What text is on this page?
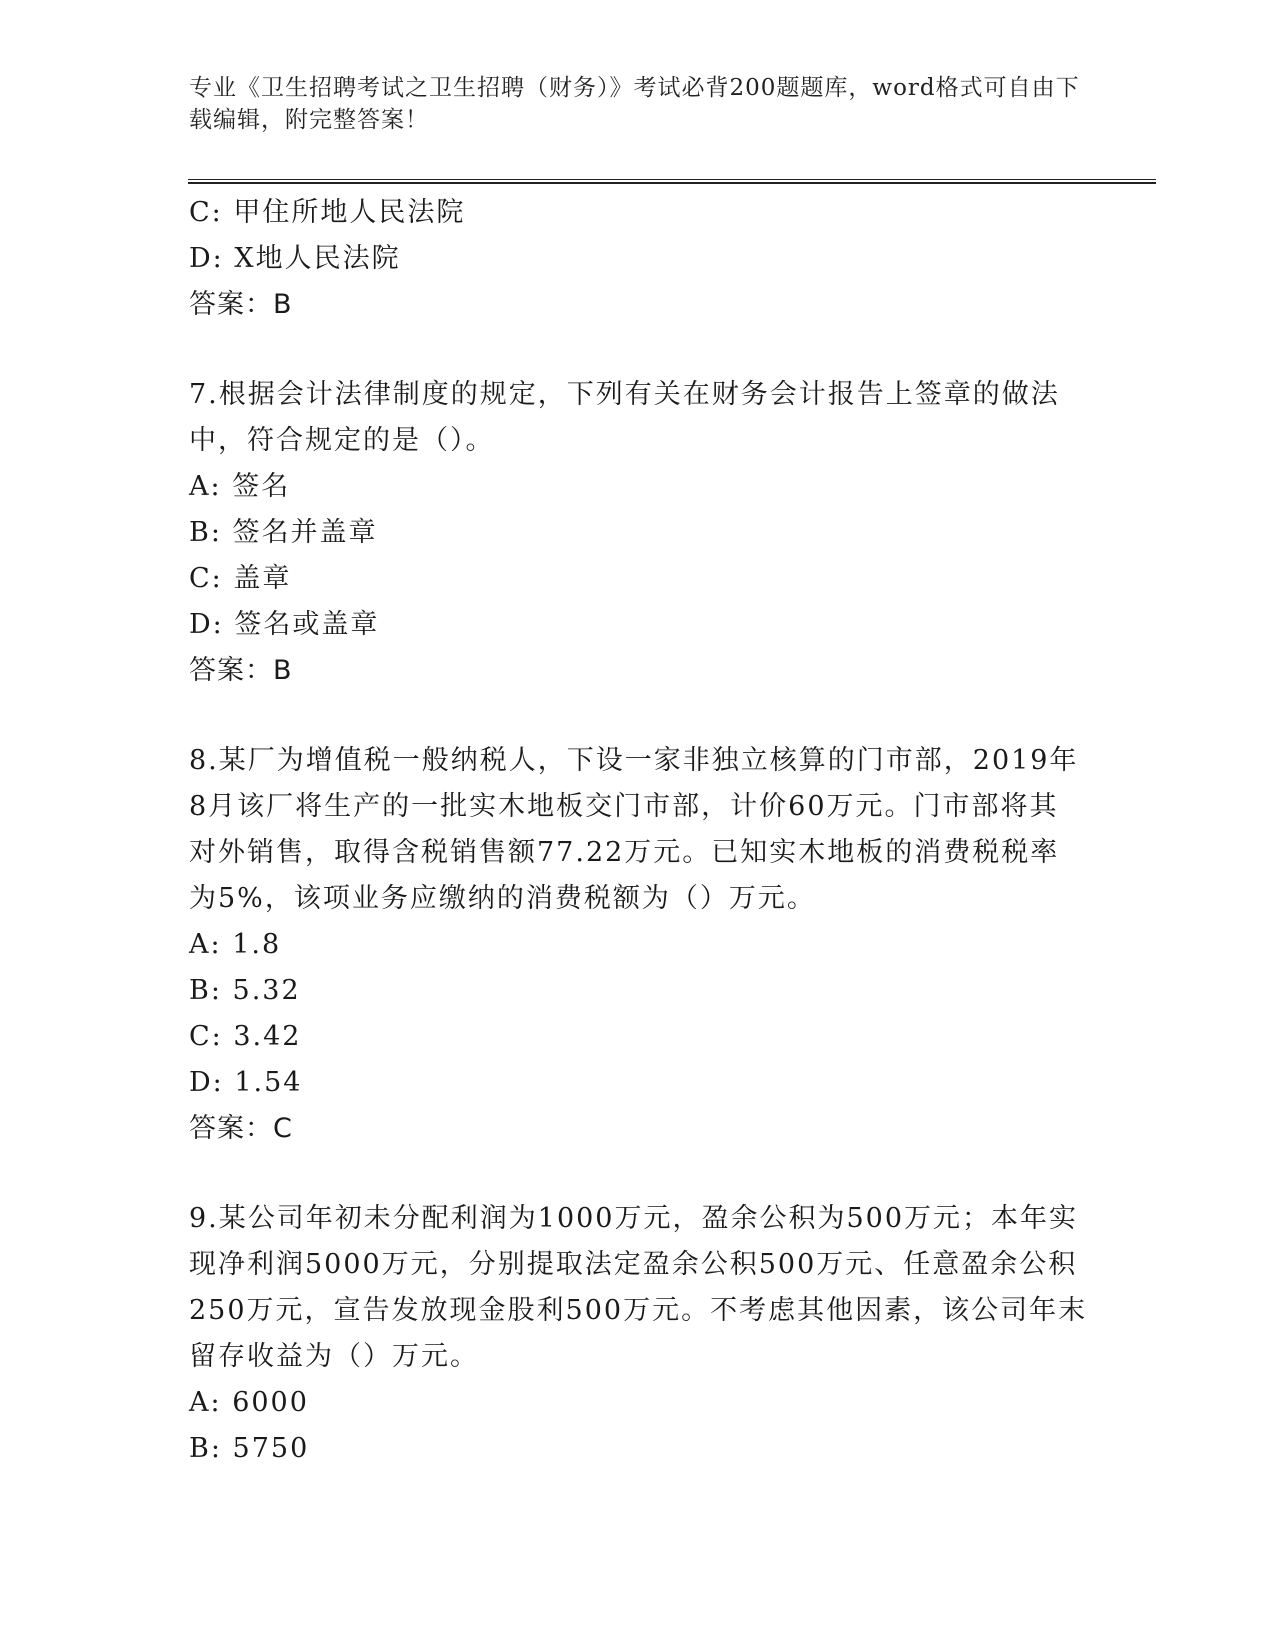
专业《卫生招聘考试之卫生招聘（财务）》考试必背200题题库，word格式可自由下载编辑，附完整答案！
C: 甲住所地人民法院
D: X地人民法院
答案：B
7.根据会计法律制度的规定，下列有关在财务会计报告上签章的做法
中，符合规定的是（）。
A: 签名
B: 签名并盖章
C: 盖章
D: 签名或盖章
答案：B
8.某厂为增值税一般纳税人，下设一家非独立核算的门市部，2019年
8月该厂将生产的一批实木地板交门市部，计价60万元。门市部将其
对外销售，取得含税销售额77.22万元。已知实木地板的消费税税率
为5%，该项业务应缴纳的消费税额为（）万元。
A: 1.8
B: 5.32
C: 3.42
D: 1.54
答案：C
9.某公司年初未分配利润为1000万元，盈余公积为500万元；本年实
现净利润5000万元，分别提取法定盈余公积500万元、任意盈余公积
250万元，宣告发放现金股利500万元。不考虑其他因素，该公司年末
留存收益为（）万元。
A: 6000
B: 5750
